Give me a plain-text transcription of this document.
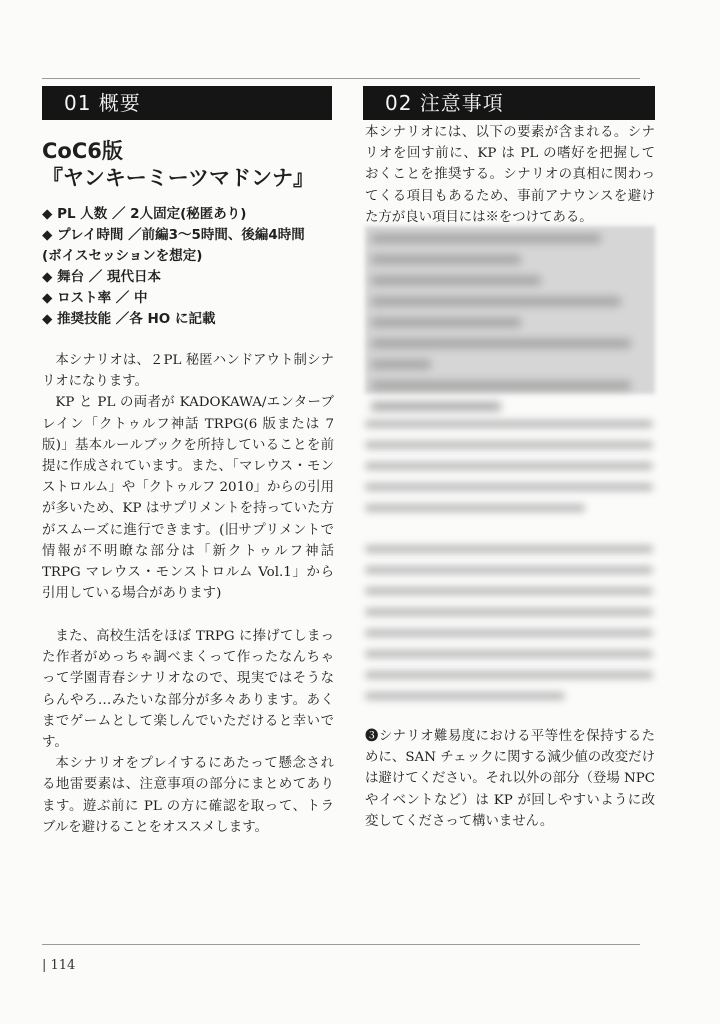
01 概要
CoC6版
『ヤンキーミーツマドンナ』
◆ PL 人数 ／ 2人固定(秘匿あり)
◆ プレイ時間 ／前編3～5時間、後編4時間
(ボイスセッションを想定)
◆ 舞台 ／ 現代日本
◆ ロスト率 ／ 中
◆ 推奨技能 ／各 HO に記載

本シナリオは、２PL 秘匿ハンドアウト制シナリオになります。

KP と PL の両者が KADOKAWA/エンターブレイン「クトゥルフ神話 TRPG(6 版または 7 版)」基本ルールブックを所持していることを前提に作成されています。また、「マレウス・モンストロルム」や「クトゥルフ 2010」からの引用が多いため、KP はサプリメントを持っていた方がスムーズに進行できます。(旧サプリメントで情報が不明瞭な部分は「新クトゥルフ神話 TRPG マレウス・モンストロルム Vol.1」から引用している場合があります)

また、高校生活をほぼ TRPG に捧げてしまった作者がめっちゃ調べまくって作ったなんちゃって学園青春シナリオなので、現実ではそうならんやろ…みたいな部分が多々あります。あくまでゲームとして楽しんでいただけると幸いです。

本シナリオをプレイするにあたって懸念される地雷要素は、注意事項の部分にまとめてあります。遊ぶ前に PL の方に確認を取って、トラブルを避けることをオススメします。

02 注意事項

本シナリオには、以下の要素が含まれる。シナリオを回す前に、KP は PL の嗜好を把握しておくことを推奨する。シナリオの真相に関わってくる項目もあるため、事前アナウンスを避けた方が良い項目には※をつけてある。

❸シナリオ難易度における平等性を保持するために、SAN チェックに関する減少値の改変だけは避けてください。それ以外の部分（登場 NPC やイベントなど）は KP が回しやすいように改変してくださって構いません。

| 114
